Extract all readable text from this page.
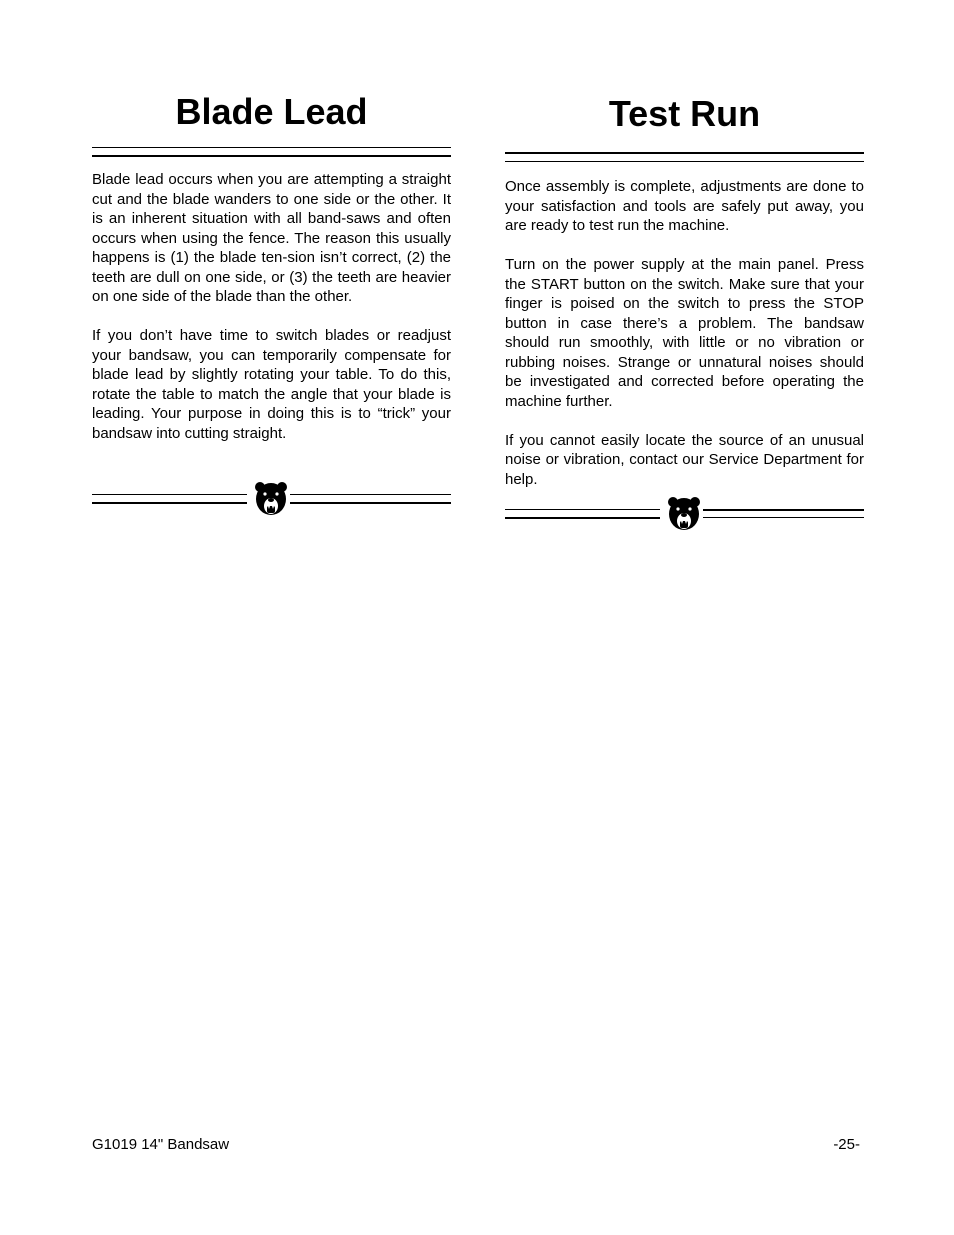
Blade Lead

Blade lead occurs when you are attempting a straight cut and the blade wanders to one side or the other. It is an inherent situation with all band-saws and often occurs when using the fence. The reason this usually happens is (1) the blade ten-sion isn’t correct, (2) the teeth are dull on one side, or (3) the teeth are heavier on one side of the blade than the other.

If you don’t have time to switch blades or readjust your bandsaw, you can temporarily compensate for blade lead by slightly rotating your table. To do this, rotate the table to match the angle that your blade is leading. Your purpose in doing this is to “trick” your bandsaw into cutting straight.

Test Run

Once assembly is complete, adjustments are done to your satisfaction and tools are safely put away, you are ready to test run the machine.

Turn on the power supply at the main panel. Press the START button on the switch. Make sure that your finger is poised on the switch to press the STOP button in case there’s a problem. The bandsaw should run smoothly, with little or no vibration or rubbing noises. Strange or unnatural noises should be investigated and corrected before operating the machine further.

If you cannot easily locate the source of an unusual noise or vibration, contact our Service Department for help.

G1019 14" Bandsaw	-25-
